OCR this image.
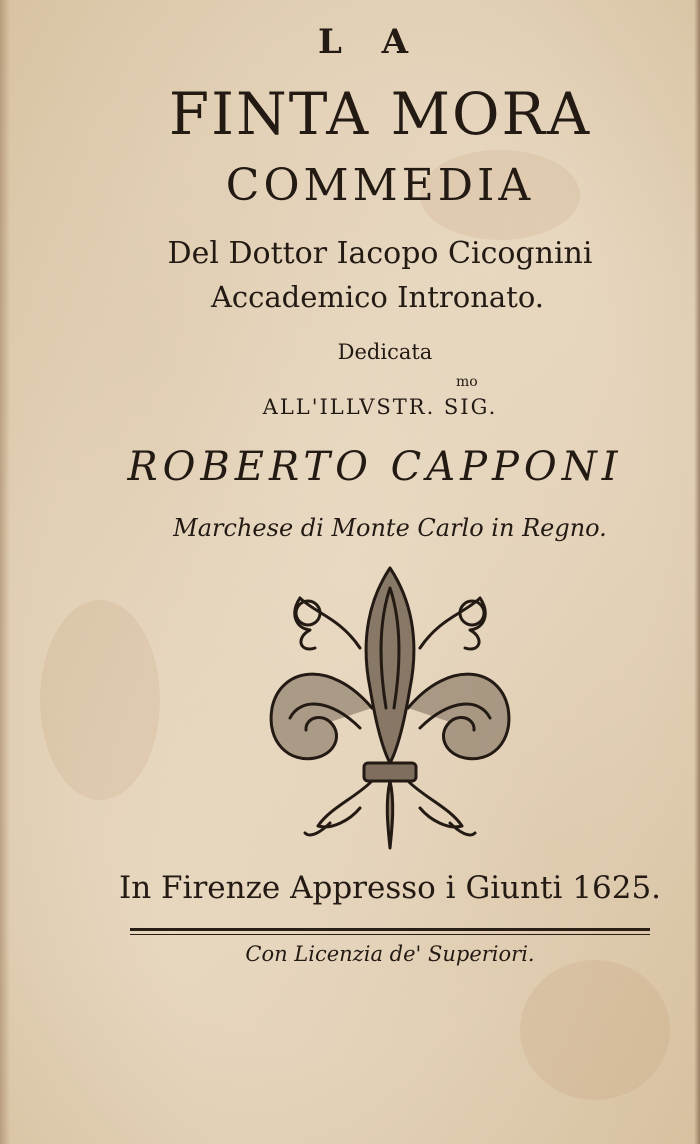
L A
FINTA MORA
COMMEDIA
Del Dottor Iacopo Cicognini
Accademico Intronato.
Dedicata
mo
ALL'ILLVSTR. SIG.
ROBERTO CAPPONI
Marchese di Monte Carlo in Regno.
In Firenze Appresso i Giunti 1625.
Con Licenzia de' Superiori.
